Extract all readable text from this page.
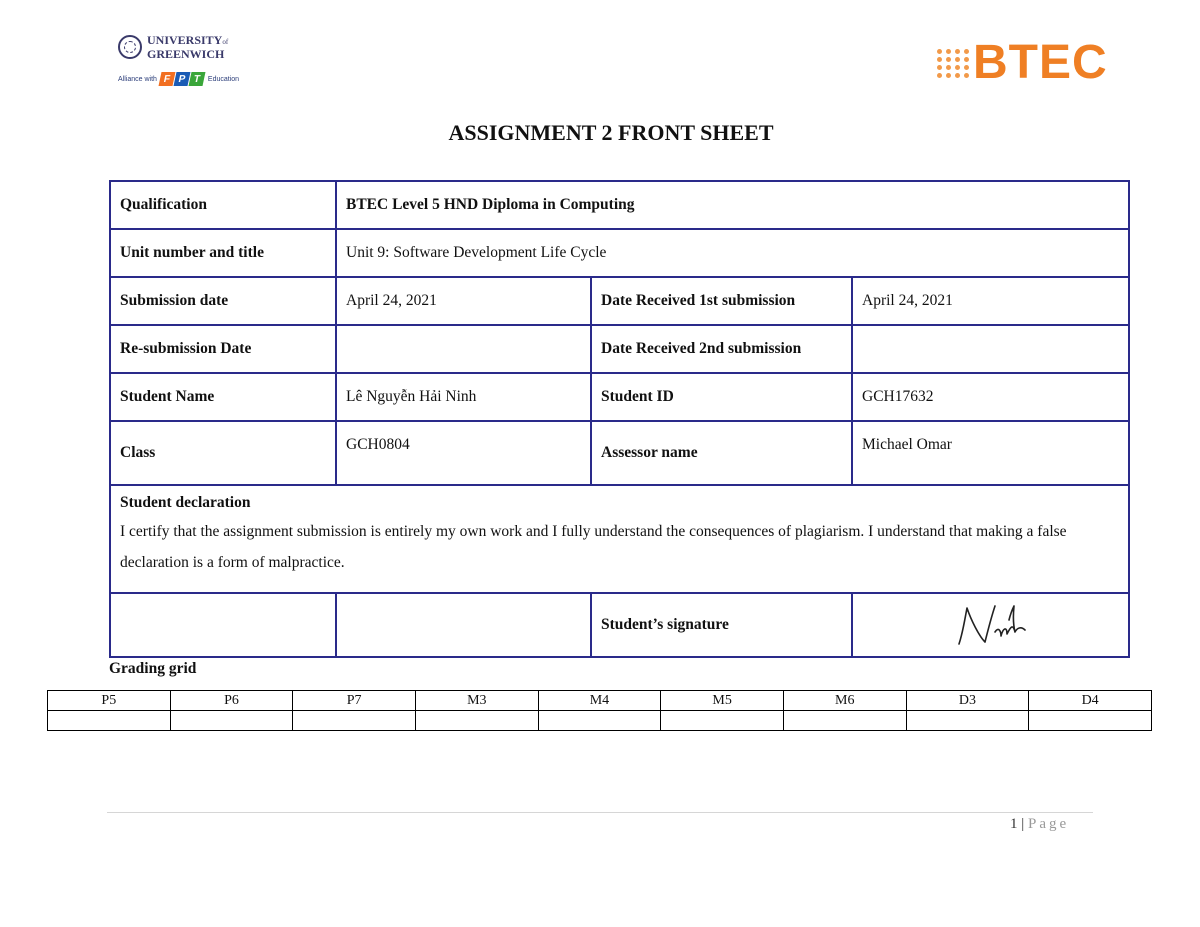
UNIVERSITYof
GREENWICH
Alliance with F P T Education	BTEC
ASSIGNMENT 2 FRONT SHEET
Qualification	BTEC Level 5 HND Diploma in Computing		
Unit number and title	Unit 9: Software Development Life Cycle		
Submission date	April 24, 2021	Date Received 1st submission	April 24, 2021
Re-submission Date		Date Received 2nd submission	
Student Name	Lê Nguyễn Hải Ninh	Student ID	GCH17632
Class	GCH0804	Assessor name	Michael Omar

Student declaration
I certify that the assignment submission is entirely my own work and I fully understand the consequences of plagiarism. I understand that making a false declaration is a form of malpractice.			

		Student’s signature	
Grading grid
P5	P6	P7	M3	M4	M5	M6	D3	D4

1 | Page
